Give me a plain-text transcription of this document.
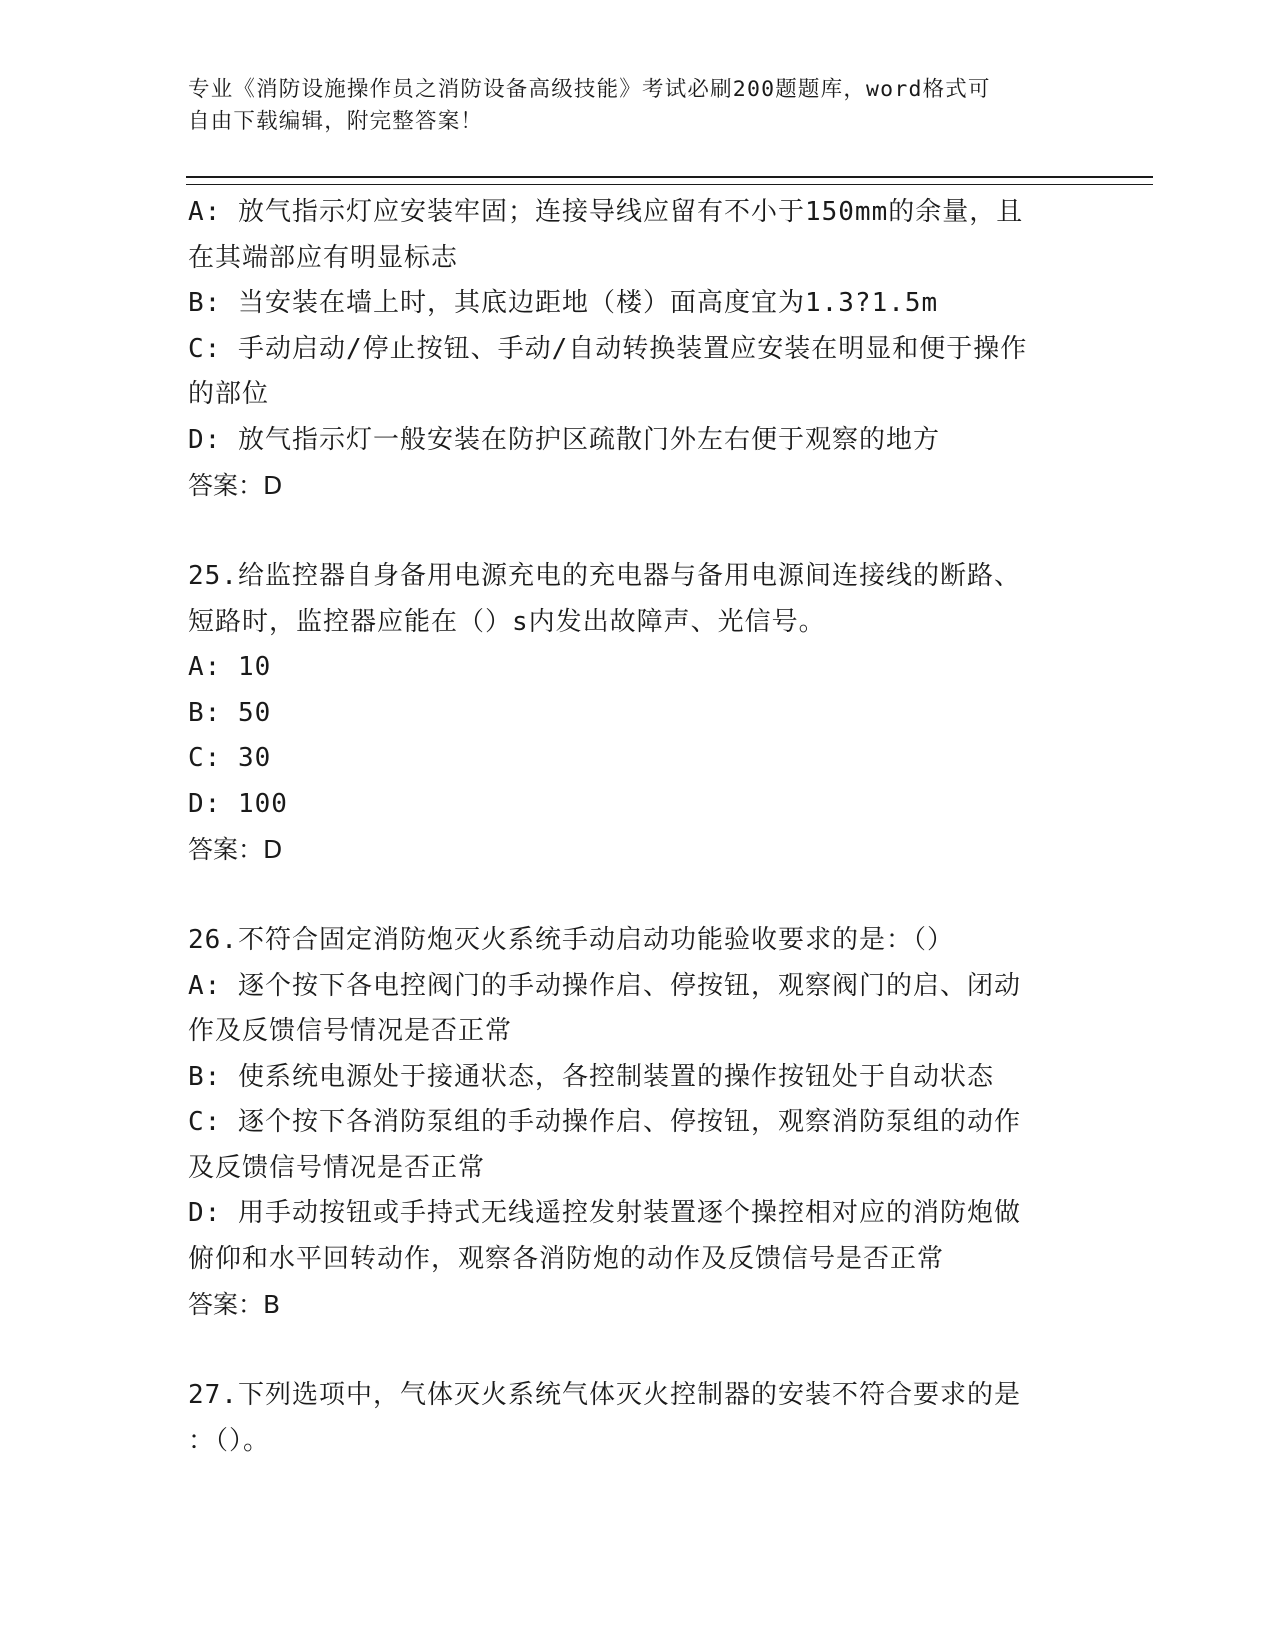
专业《消防设施操作员之消防设备高级技能》考试必刷200题题库，word格式可
自由下载编辑，附完整答案！
A: 放气指示灯应安装牢固；连接导线应留有不小于150mm的余量，且
在其端部应有明显标志
B: 当安装在墙上时，其底边距地（楼）面高度宜为1.3?1.5m
C: 手动启动/停止按钮、手动/自动转换装置应安装在明显和便于操作
的部位
D: 放气指示灯一般安装在防护区疏散门外左右便于观察的地方
答案：D
25.给监控器自身备用电源充电的充电器与备用电源间连接线的断路、
短路时，监控器应能在（）s内发出故障声、光信号。
A: 10
B: 50
C: 30
D: 100
答案：D
26.不符合固定消防炮灭火系统手动启动功能验收要求的是：（）
A: 逐个按下各电控阀门的手动操作启、停按钮，观察阀门的启、闭动
作及反馈信号情况是否正常
B: 使系统电源处于接通状态，各控制装置的操作按钮处于自动状态
C: 逐个按下各消防泵组的手动操作启、停按钮，观察消防泵组的动作
及反馈信号情况是否正常
D: 用手动按钮或手持式无线遥控发射装置逐个操控相对应的消防炮做
俯仰和水平回转动作，观察各消防炮的动作及反馈信号是否正常
答案：B
27.下列选项中，气体灭火系统气体灭火控制器的安装不符合要求的是
：（）。
